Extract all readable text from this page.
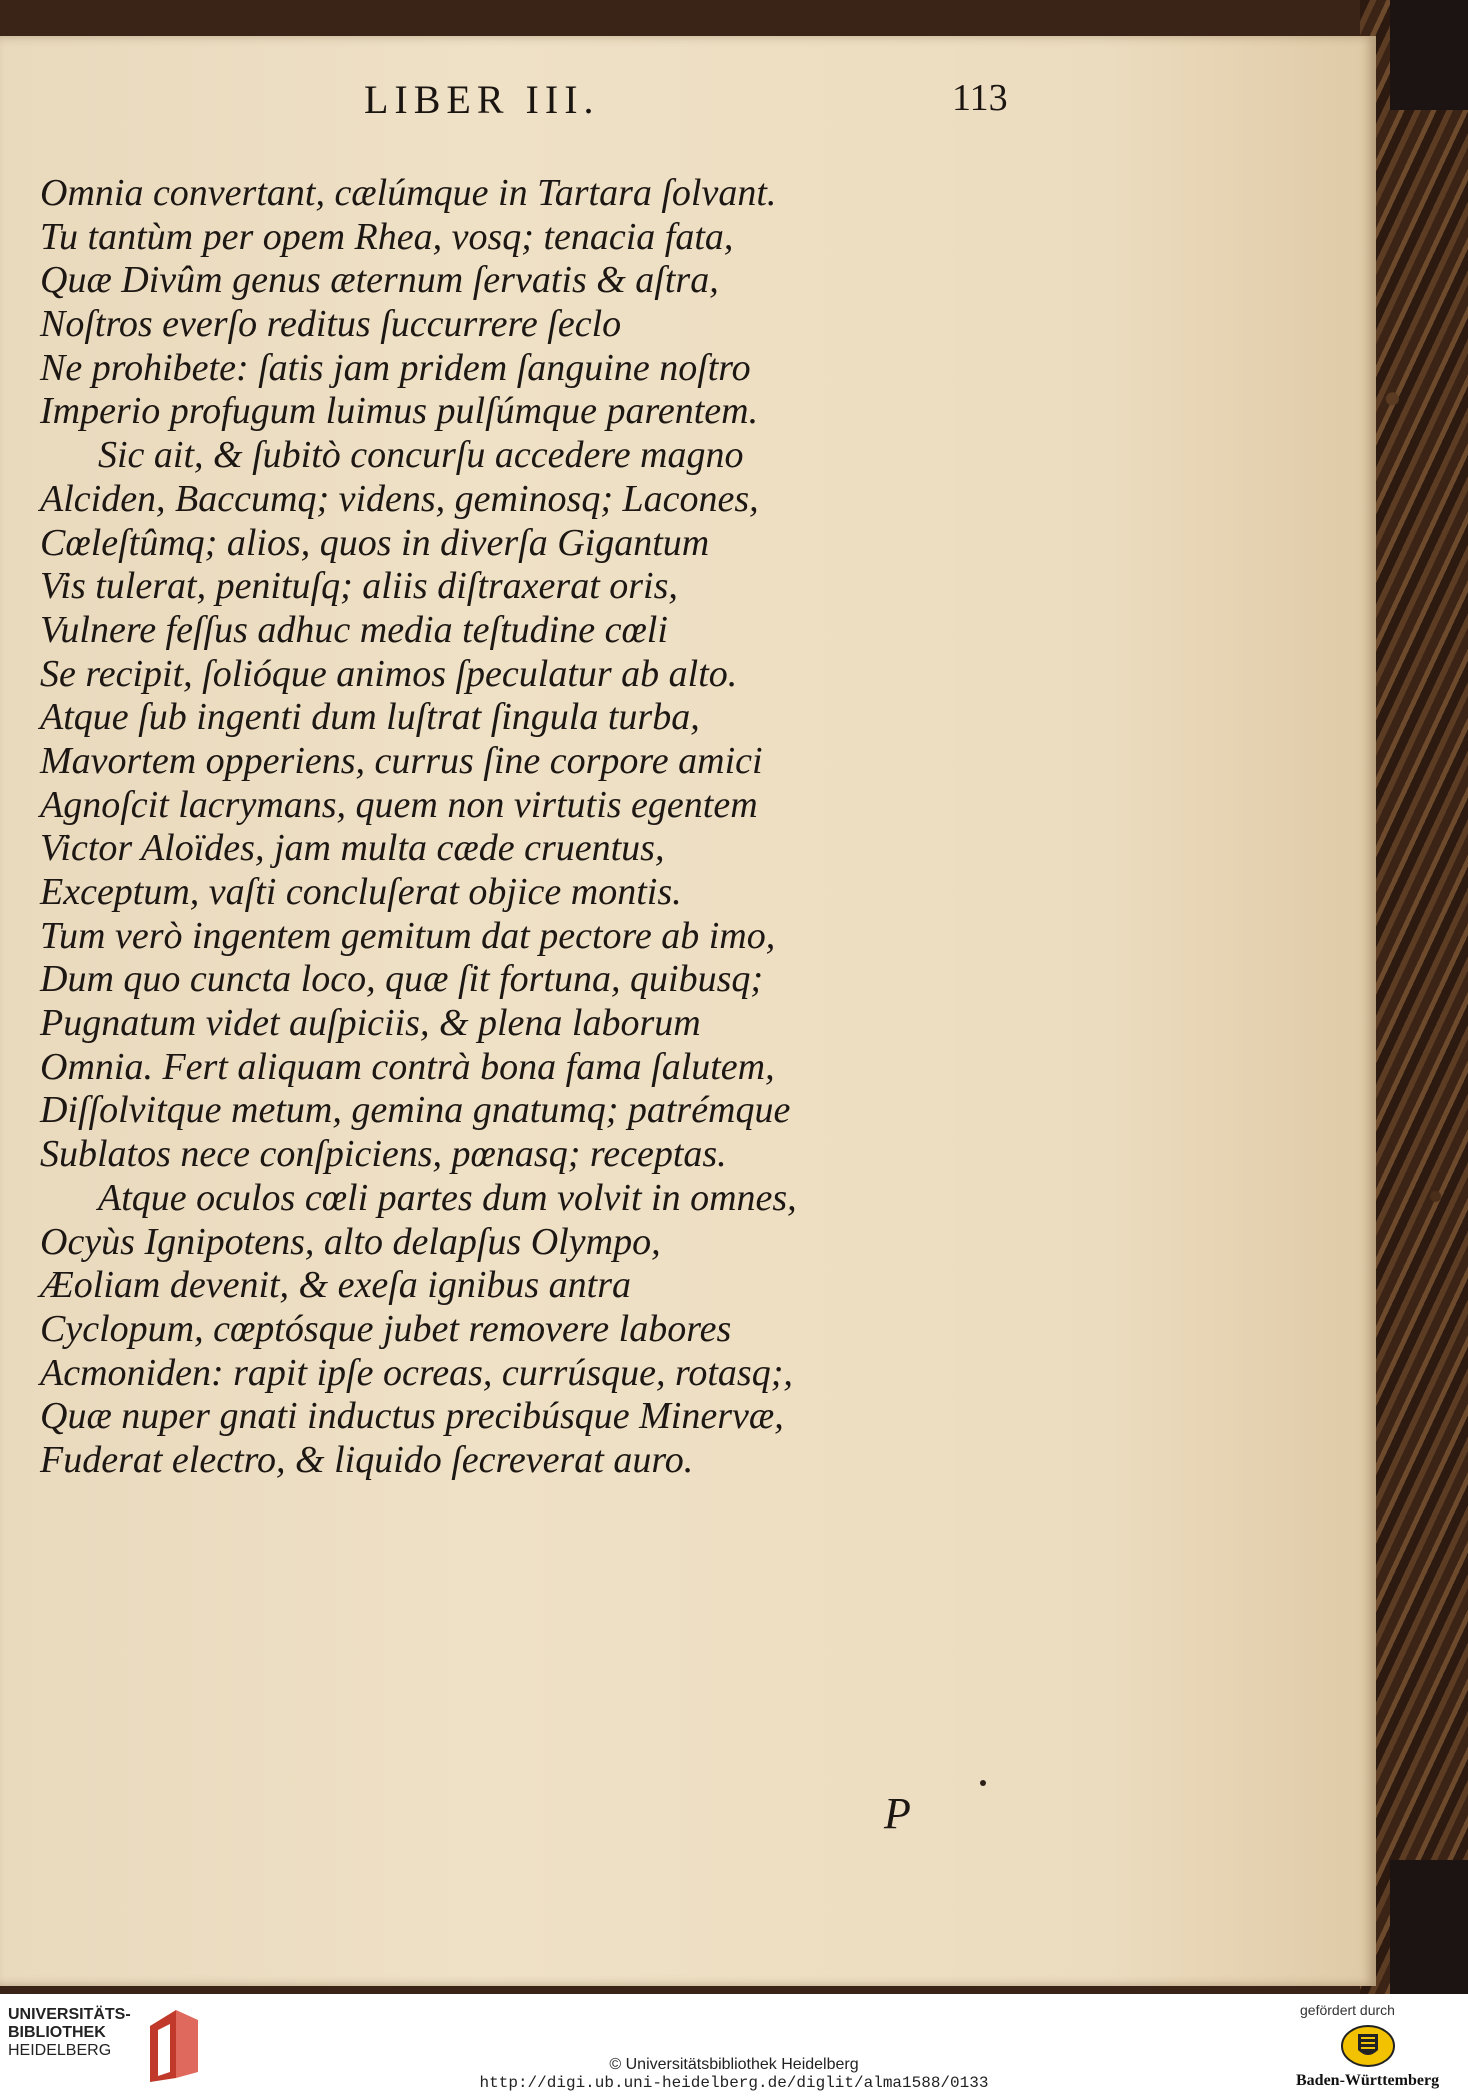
LIBER III.	113
Omnia convertant, cælúmque in Tartara ſolvant.
Tu tantùm per opem Rhea, vosq; tenacia fata,
Quæ Divûm genus æternum ſervatis & aſtra,
Noſtros everſo reditus ſuccurrere ſeclo
Ne prohibete: ſatis jam pridem ſanguine noſtro
Imperio profugum luimus pulſúmque parentem.
Sic ait, & ſubitò concurſu accedere magno
Alciden, Baccumq; videns, geminosq; Lacones,
Cœleſtûmq; alios, quos in diverſa Gigantum
Vis tulerat, penituſq; aliis diſtraxerat oris,
Vulnere feſſus adhuc media teſtudine cœli
Se recipit, ſolióque animos ſpeculatur ab alto.
Atque ſub ingenti dum luſtrat ſingula turba,
Mavortem opperiens, currus ſine corpore amici
Agnoſcit lacrymans, quem non virtutis egentem
Victor Aloïdes, jam multa cæde cruentus,
Exceptum, vaſti concluſerat objice montis.
Tum verò ingentem gemitum dat pectore ab imo,
Dum quo cuncta loco, quæ ſit fortuna, quibusq;
Pugnatum videt auſpiciis, & plena laborum
Omnia. Fert aliquam contrà bona fama ſalutem,
Diſſolvitque metum, gemina gnatumq; patrémque
Sublatos nece conſpiciens, pœnasq; receptas.
Atque oculos cœli partes dum volvit in omnes,
Ocyùs Ignipotens, alto delapſus Olympo,
Æoliam devenit, & exeſa ignibus antra
Cyclopum, cœptósque jubet removere labores
Acmoniden: rapit ipſe ocreas, currúsque, rotasq;,
Quæ nuper gnati inductus precibúsque Minervæ,
Fuderat electro, & liquido ſecreverat auro.
P
UNIVERSITÄTS-
BIBLIOTHEK
HEIDELBERG
© Universitätsbibliothek Heidelberg
http://digi.ub.uni-heidelberg.de/diglit/alma1588/0133
gefördert durch
Baden-Württemberg
